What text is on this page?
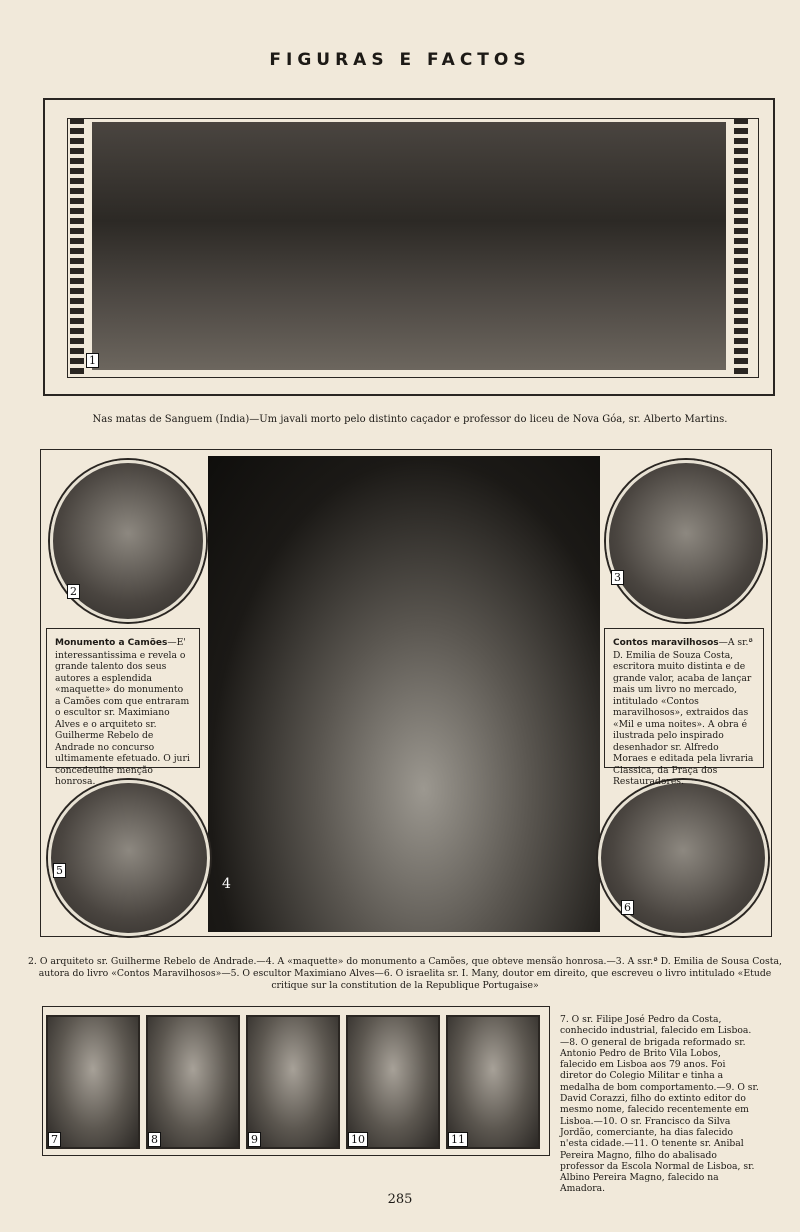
FIGURAS E FACTOS
1
Nas matas de Sanguem (India)—Um javali morto pelo distinto caçador e professor do liceu de Nova Góa, sr. Alberto Martins.
4
2
3
5
6
Monumento a Camões—E' interessantissima e revela o grande talento dos seus autores a esplendida «maquette» do monumento a Camões com que entraram o escultor sr. Maximiano Alves e o arquiteto sr. Guilherme Rebelo de Andrade no concurso ultimamente efetuado. O juri concedeulhe menção honrosa.
Contos maravilhosos—A sr.ª D. Emilia de Souza Costa, escritora muito distinta e de grande valor, acaba de lançar mais um livro no mercado, intitulado «Contos maravilhosos», extraidos das «Mil e uma noites». A obra é ilustrada pelo inspirado desenhador sr. Alfredo Moraes e editada pela livraria Classica, da Praça dos Restauradores.
2. O arquiteto sr. Guilherme Rebelo de Andrade.—4. A «maquette» do monumento a Camões, que obteve mensão honrosa.—3. A ssr.ª D. Emilia de Sousa Costa, autora do livro «Contos Maravilhosos»—5. O escultor Maximiano Alves—6. O israelita sr. I. Many, doutor em direito, que escreveu o livro intitulado «Etude critique sur la constitution de la Republique Portugaise»
7	8	9	10	11
7. O sr. Filipe José Pedro da Costa, conhecido industrial, falecido em Lisboa.—8. O general de brigada reformado sr. Antonio Pedro de Brito Vila Lobos, falecido em Lisboa aos 79 anos. Foi diretor do Colegio Militar e tinha a medalha de bom comportamento.—9. O sr. David Corazzi, filho do extinto editor do mesmo nome, falecido recentemente em Lisboa.—10. O sr. Francisco da Silva Jordão, comerciante, ha dias falecido n'esta cidade.—11. O tenente sr. Anibal Pereira Magno, filho do abalisado professor da Escola Normal de Lisboa, sr. Albino Pereira Magno, falecido na Amadora.
285
